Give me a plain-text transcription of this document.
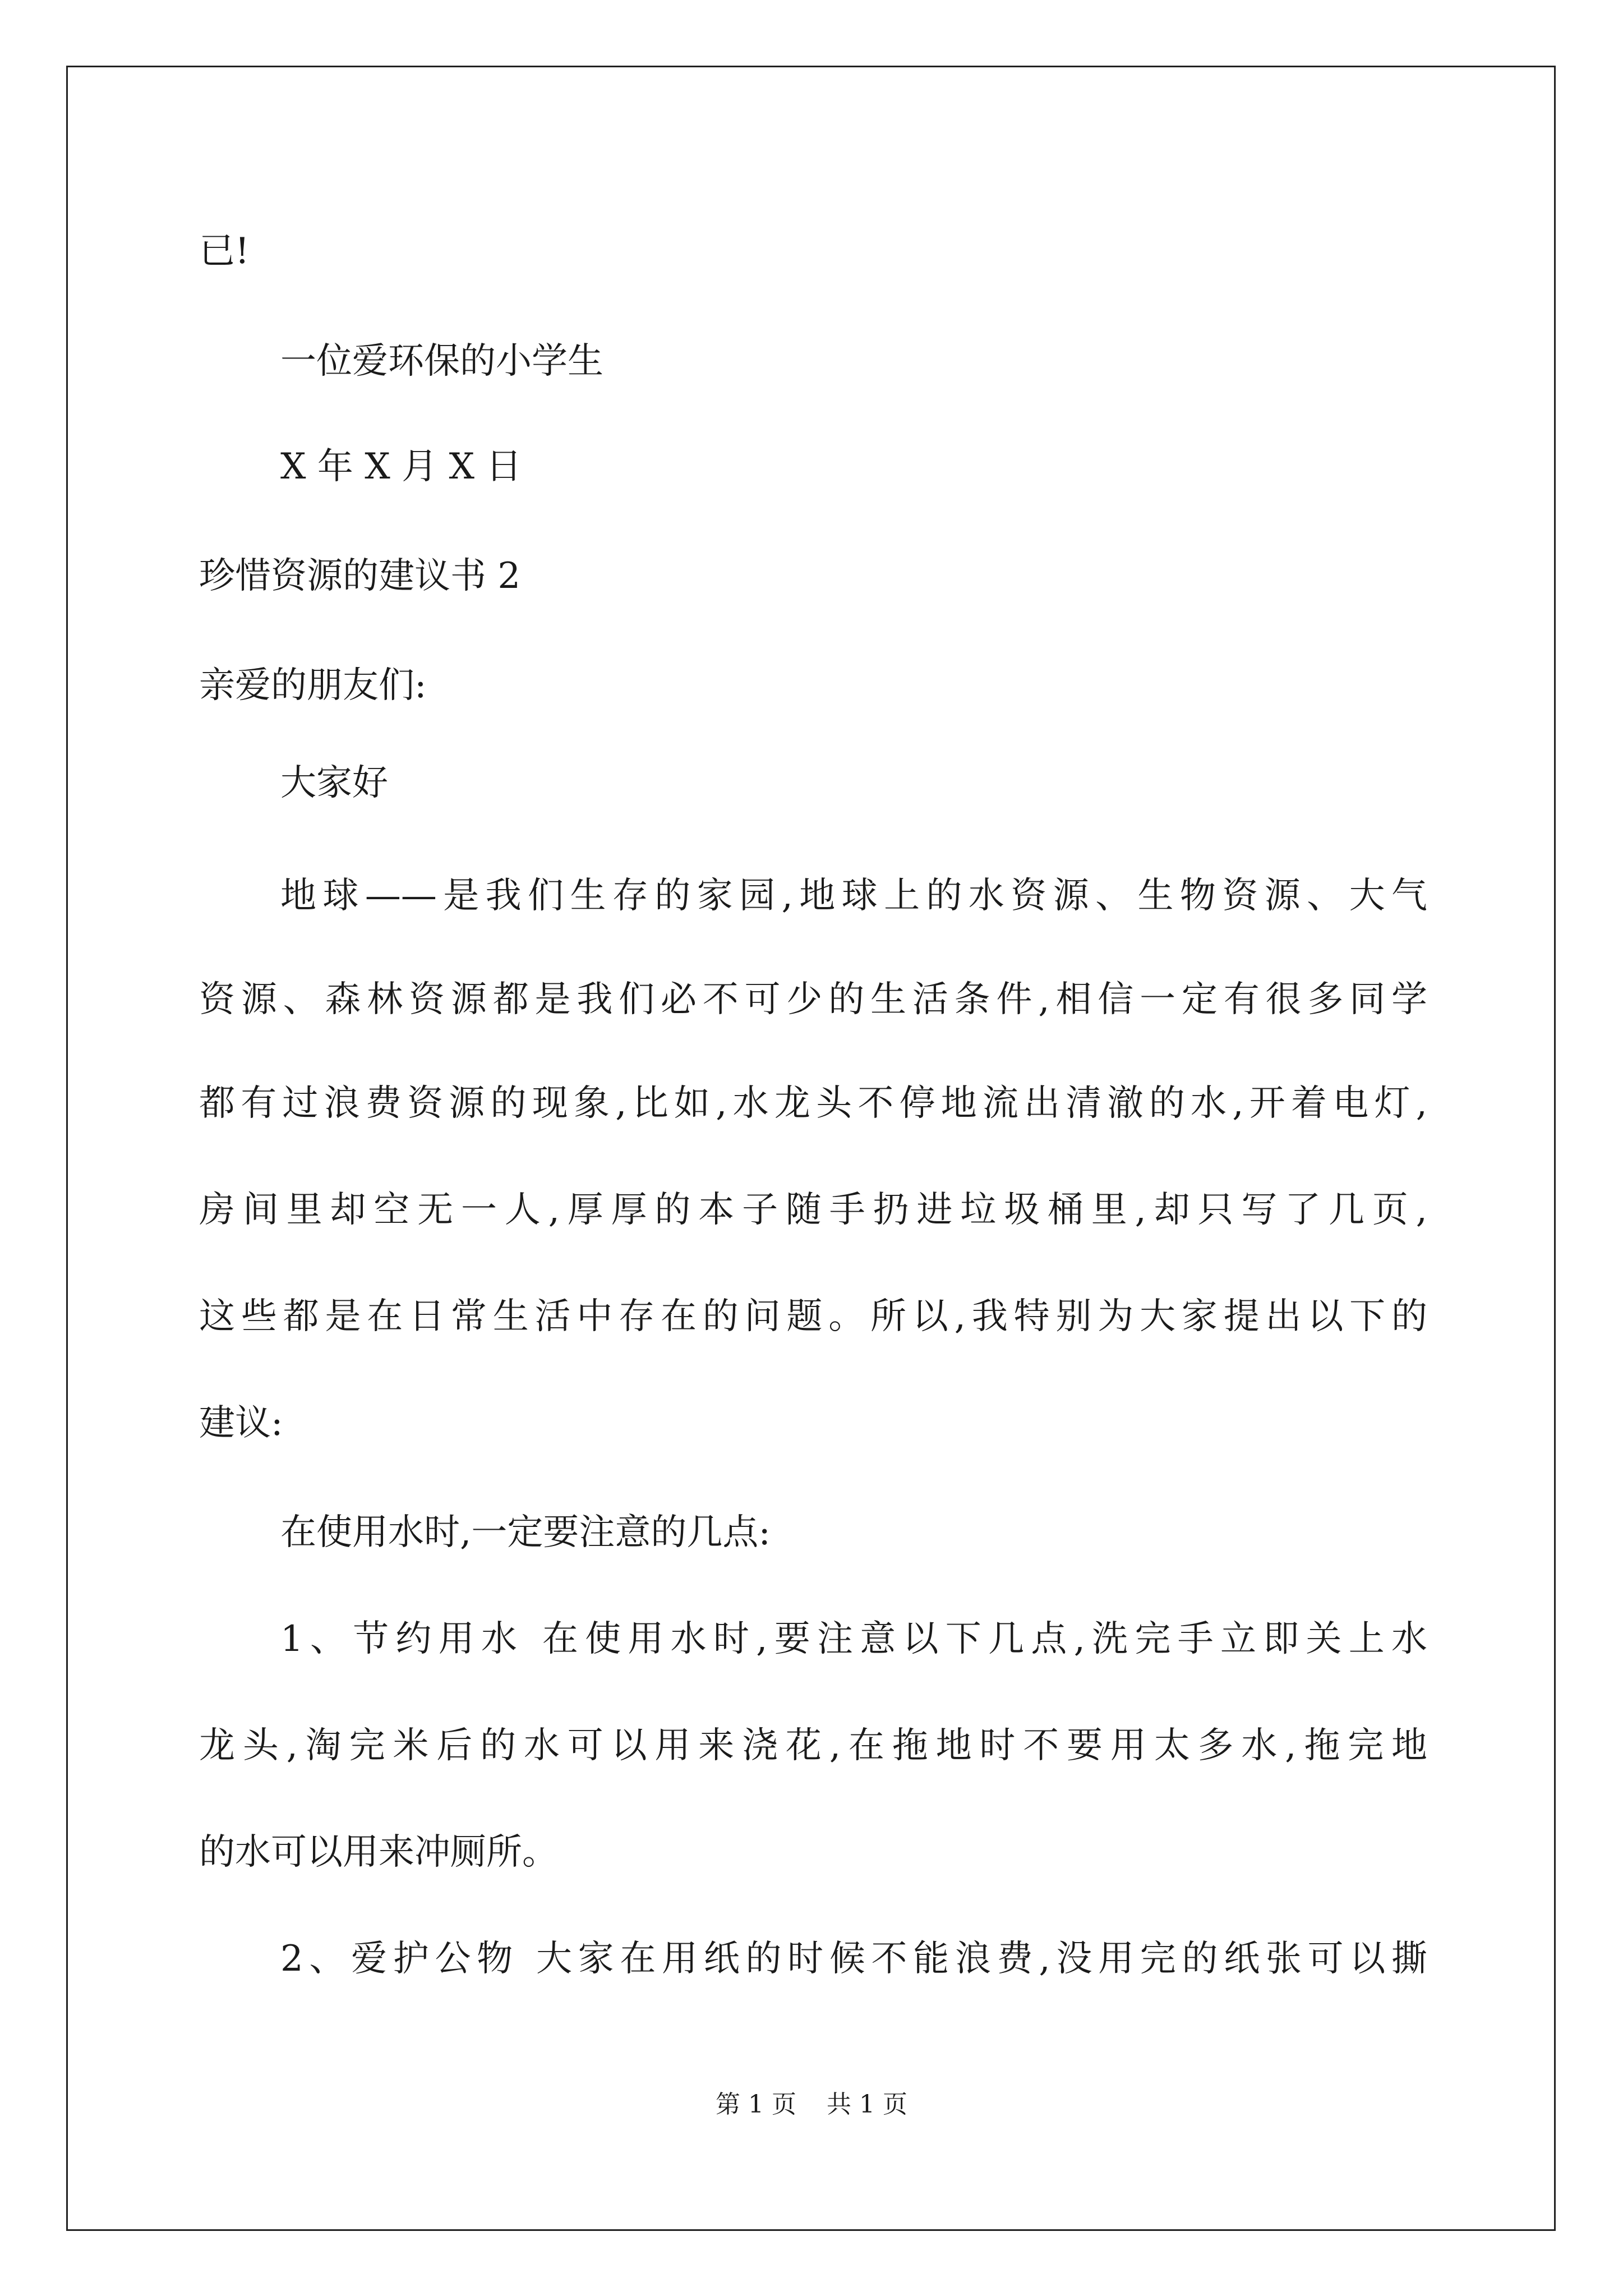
已!
一位爱环保的小学生
X 年 X 月 X 日
珍惜资源的建议书 2
亲爱的朋友们:
大家好
地球——是我们生存的家园,地球上的水资源、生物资源、大气
资源、森林资源都是我们必不可少的生活条件,相信一定有很多同学
都有过浪费资源的现象,比如,水龙头不停地流出清澈的水,开着电灯,
房间里却空无一人,厚厚的本子随手扔进垃圾桶里,却只写了几页,
这些都是在日常生活中存在的问题。所以,我特别为大家提出以下的
建议:
在使用水时,一定要注意的几点:
1、节约用水 在使用水时,要注意以下几点,洗完手立即关上水
龙头,淘完米后的水可以用来浇花,在拖地时不要用太多水,拖完地
的水可以用来冲厕所。
2、爱护公物 大家在用纸的时候不能浪费,没用完的纸张可以撕
第 1 页 共 1 页
